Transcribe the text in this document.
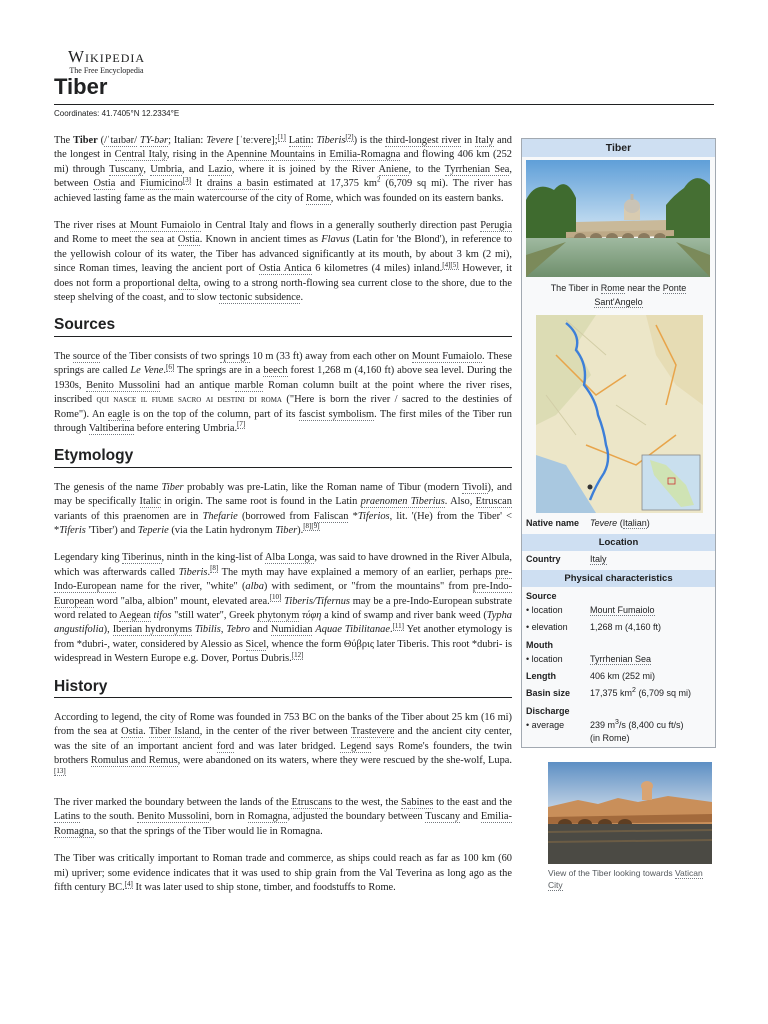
Wikipedia
The Free Encyclopedia
Tiber
Coordinates: 41.7405°N 12.2334°E

The Tiber (/ˈtaɪbər/ TY-bər; Italian: Tevere [ˈteːvere];[1] Latin: Tiberis[2]) is the third-longest river in Italy and the longest in Central Italy, rising in the Apennine Mountains in Emilia-Romagna and flowing 406 km (252 mi) through Tuscany, Umbria, and Lazio, where it is joined by the River Aniene, to the Tyrrhenian Sea, between Ostia and Fiumicino[3] It drains a basin estimated at 17,375 $km^2$ (6,709 sq mi). The river has achieved lasting fame as the main watercourse of the city of Rome, which was founded on its eastern banks.

The river rises at Mount Fumaiolo in Central Italy and flows in a generally southerly direction past Perugia and Rome to meet the sea at Ostia. Known in ancient times as Flavus (Latin for 'the Blond'), in reference to the yellowish colour of its water, the Tiber has advanced significantly at its mouth, by about 3 km (2 mi), since Roman times, leaving the ancient port of Ostia Antica 6 kilometres (4 miles) inland.[4][5] However, it does not form a proportional delta, owing to a strong north-flowing sea current close to the shore, due to the steep shelving of the coast, and to slow tectonic subsidence.

Sources

The source of the Tiber consists of two springs 10 m (33 ft) away from each other on Mount Fumaiolo. These springs are called Le Vene.[6] The springs are in a beech forest 1,268 m (4,160 ft) above sea level. During the 1930s, Benito Mussolini had an antique marble Roman column built at the point where the river rises, inscribed qui nasce il fiume sacro ai destini di roma ("Here is born the river / sacred to the destinies of Rome"). An eagle is on the top of the column, part of its fascist symbolism. The first miles of the Tiber run through Valtiberina before entering Umbria.[7]

Etymology

The genesis of the name Tiber probably was pre-Latin, like the Roman name of Tibur (modern Tivoli), and may be specifically Italic in origin. The same root is found in the Latin praenomen Tiberius. Also, Etruscan variants of this praenomen are in Thefarie (borrowed from Faliscan *Tiferios, lit. '(He) from the Tiber' < *Tiferis 'Tiber') and Teperie (via the Latin hydronym Tiber).[8][9]

Legendary king Tiberinus, ninth in the king-list of Alba Longa, was said to have drowned in the River Albula, which was afterwards called Tiberis.[8] The myth may have explained a memory of an earlier, perhaps pre-Indo-European name for the river, "white" (alba) with sediment, or "from the mountains" from pre-Indo-European word "alba, albion" mount, elevated area.[10] Tiberis/Tifernus may be a pre-Indo-European substrate word related to Aegean tifos "still water", Greek phytonym τύφη a kind of swamp and river bank weed (Typha angustifolia), Iberian hydronyms Tibilis, Tebro and Numidian Aquae Tibilitanae.[11] Yet another etymology is from *dubri-, water, considered by Alessio as Sicel, whence the form Θύβρις later Tiberis. This root *dubri- is widespread in Western Europe e.g. Dover, Portus Dubris.[12]

History

According to legend, the city of Rome was founded in 753 BC on the banks of the Tiber about 25 km (16 mi) from the sea at Ostia. Tiber Island, in the center of the river between Trastevere and the ancient city center, was the site of an important ancient ford and was later bridged. Legend says Rome's founders, the twin brothers Romulus and Remus, were abandoned on its waters, where they were rescued by the she-wolf, Lupa.[13]

The river marked the boundary between the lands of the Etruscans to the west, the Sabines to the east and the Latins to the south. Benito Mussolini, born in Romagna, adjusted the boundary between Tuscany and Emilia-Romagna, so that the springs of the Tiber would lie in Romagna.

The Tiber was critically important to Roman trade and commerce, as ships could reach as far as 100 km (60 mi) upriver; some evidence indicates that it was used to ship grain from the Val Teverina as long ago as the fifth century BC.[4] It was later used to ship stone, timber, and foodstuffs to Rome.

Tiber
The Tiber in Rome near the Ponte Sant'Angelo
Native name	Tevere (Italian)
Location
Country	Italy
Physical characteristics
Source
• location	Mount Fumaiolo
• elevation	1,268 m (4,160 ft)
Mouth
• location	Tyrrhenian Sea
Length	406 km (252 mi)
Basin size	17,375 $km^2$ (6,709 sq mi)
Discharge
• average	239 $m^3/s$ (8,400 cu ft/s)
(in Rome)
View of the Tiber looking towards Vatican City
